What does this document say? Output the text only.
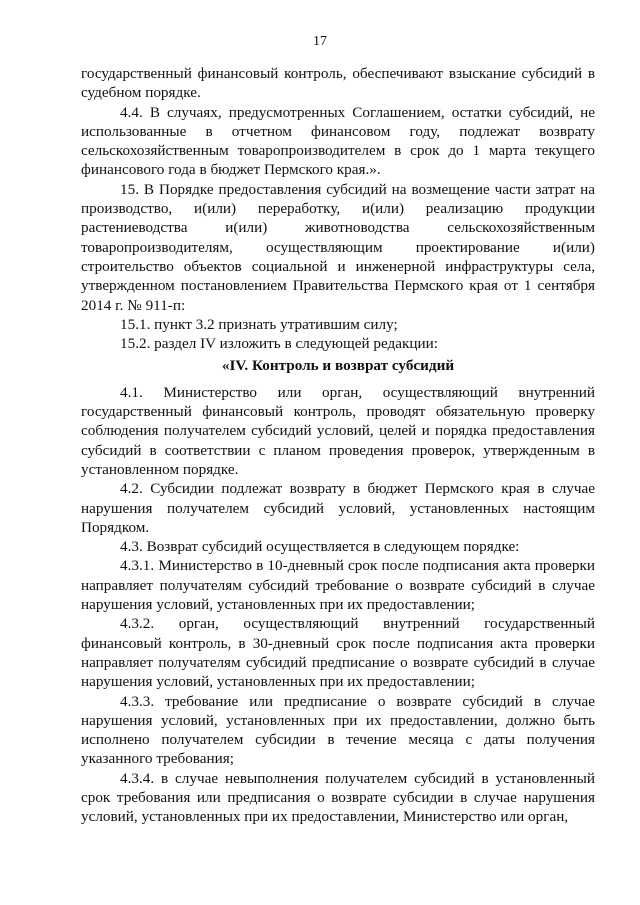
17

государственный финансовый контроль, обеспечивают взыскание субсидий в судебном порядке.

4.4. В случаях, предусмотренных Соглашением, остатки субсидий, не использованные в отчетном финансовом году, подлежат возврату сельскохозяйственным товаропроизводителем в срок до 1 марта текущего финансового года в бюджет Пермского края.».

15. В Порядке предоставления субсидий на возмещение части затрат на производство, и(или) переработку, и(или) реализацию продукции растениеводства и(или) животноводства сельскохозяйственным товаропроизводителям, осуществляющим проектирование и(или) строительство объектов социальной и инженерной инфраструктуры села, утвержденном постановлением Правительства Пермского края от 1 сентября 2014 г. № 911-п:

15.1. пункт 3.2 признать утратившим силу;

15.2. раздел IV изложить в следующей редакции:

«IV. Контроль и возврат субсидий

4.1. Министерство или орган, осуществляющий внутренний государственный финансовый контроль, проводят обязательную проверку соблюдения получателем субсидий условий, целей и порядка предоставления субсидий в соответствии с планом проведения проверок, утвержденным в установленном порядке.

4.2. Субсидии подлежат возврату в бюджет Пермского края в случае нарушения получателем субсидий условий, установленных настоящим Порядком.

4.3. Возврат субсидий осуществляется в следующем порядке:

4.3.1. Министерство в 10-дневный срок после подписания акта проверки направляет получателям субсидий требование о возврате субсидий в случае нарушения условий, установленных при их предоставлении;

4.3.2. орган, осуществляющий внутренний государственный финансовый контроль, в 30-дневный срок после подписания акта проверки направляет получателям субсидий предписание о возврате субсидий в случае нарушения условий, установленных при их предоставлении;

4.3.3. требование или предписание о возврате субсидий в случае нарушения условий, установленных при их предоставлении, должно быть исполнено получателем субсидии в течение месяца с даты получения указанного требования;

4.3.4. в случае невыполнения получателем субсидий в установленный срок требования или предписания о возврате субсидии в случае нарушения условий, установленных при их предоставлении, Министерство или орган,
